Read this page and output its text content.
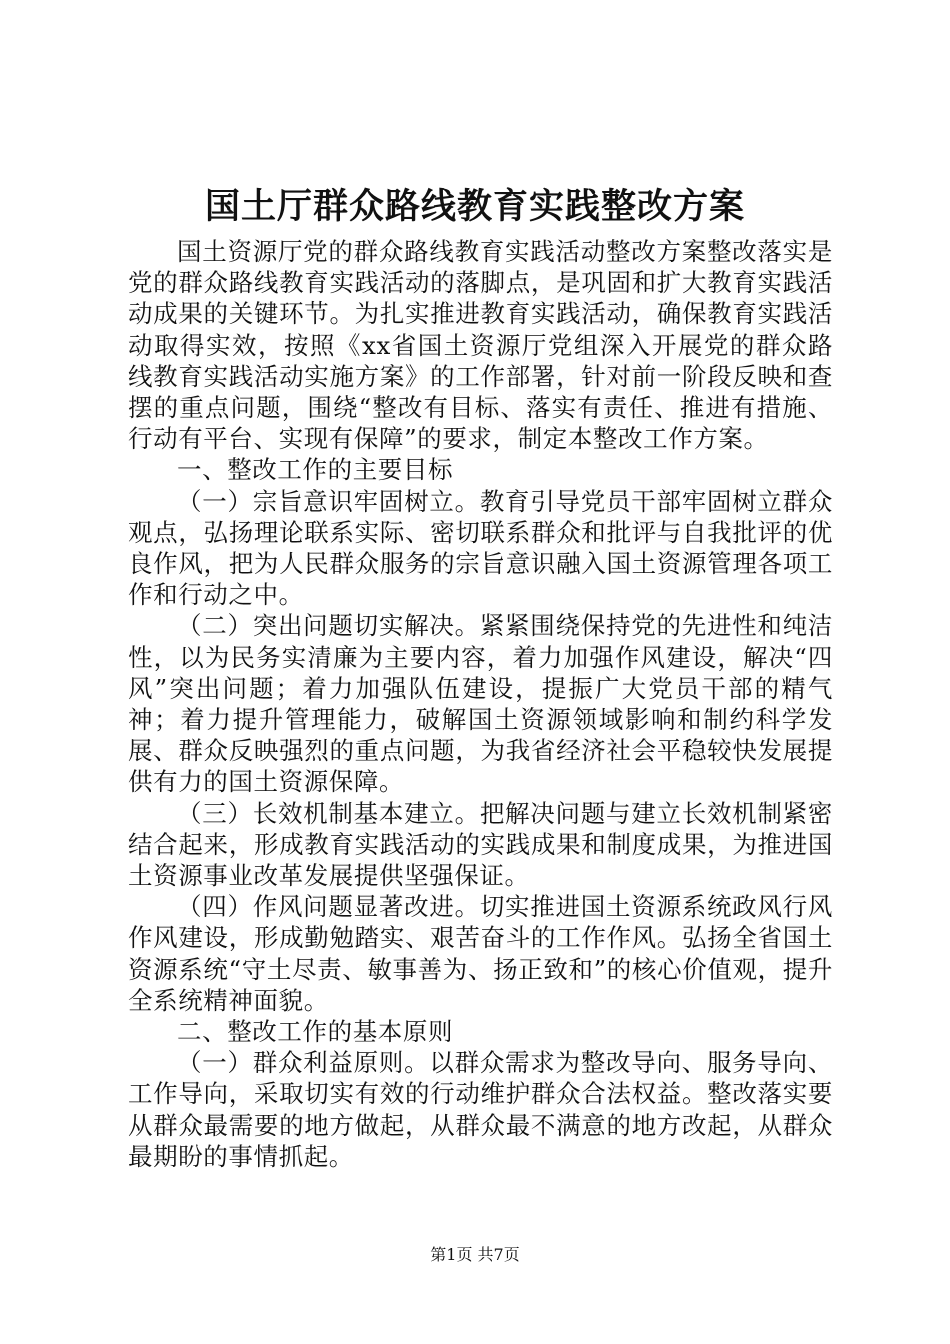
国土厅群众路线教育实践整改方案

国土资源厅党的群众路线教育实践活动整改方案整改落实是党的群众路线教育实践活动的落脚点，是巩固和扩大教育实践活动成果的关键环节。为扎实推进教育实践活动，确保教育实践活动取得实效，按照《xx省国土资源厅党组深入开展党的群众路线教育实践活动实施方案》的工作部署，针对前一阶段反映和查摆的重点问题，围绕“整改有目标、落实有责任、推进有措施、行动有平台、实现有保障”的要求，制定本整改工作方案。

一、整改工作的主要目标

（一）宗旨意识牢固树立。教育引导党员干部牢固树立群众观点，弘扬理论联系实际、密切联系群众和批评与自我批评的优良作风，把为人民群众服务的宗旨意识融入国土资源管理各项工作和行动之中。

（二）突出问题切实解决。紧紧围绕保持党的先进性和纯洁性，以为民务实清廉为主要内容，着力加强作风建设，解决“四风”突出问题；着力加强队伍建设，提振广大党员干部的精气神；着力提升管理能力，破解国土资源领域影响和制约科学发展、群众反映强烈的重点问题，为我省经济社会平稳较快发展提供有力的国土资源保障。

（三）长效机制基本建立。把解决问题与建立长效机制紧密结合起来，形成教育实践活动的实践成果和制度成果，为推进国土资源事业改革发展提供坚强保证。

（四）作风问题显著改进。切实推进国土资源系统政风行风作风建设，形成勤勉踏实、艰苦奋斗的工作作风。弘扬全省国土资源系统“守土尽责、敏事善为、扬正致和”的核心价值观，提升全系统精神面貌。

二、整改工作的基本原则

（一）群众利益原则。以群众需求为整改导向、服务导向、工作导向，采取切实有效的行动维护群众合法权益。整改落实要从群众最需要的地方做起，从群众最不满意的地方改起，从群众最期盼的事情抓起。

第1页 共7页
